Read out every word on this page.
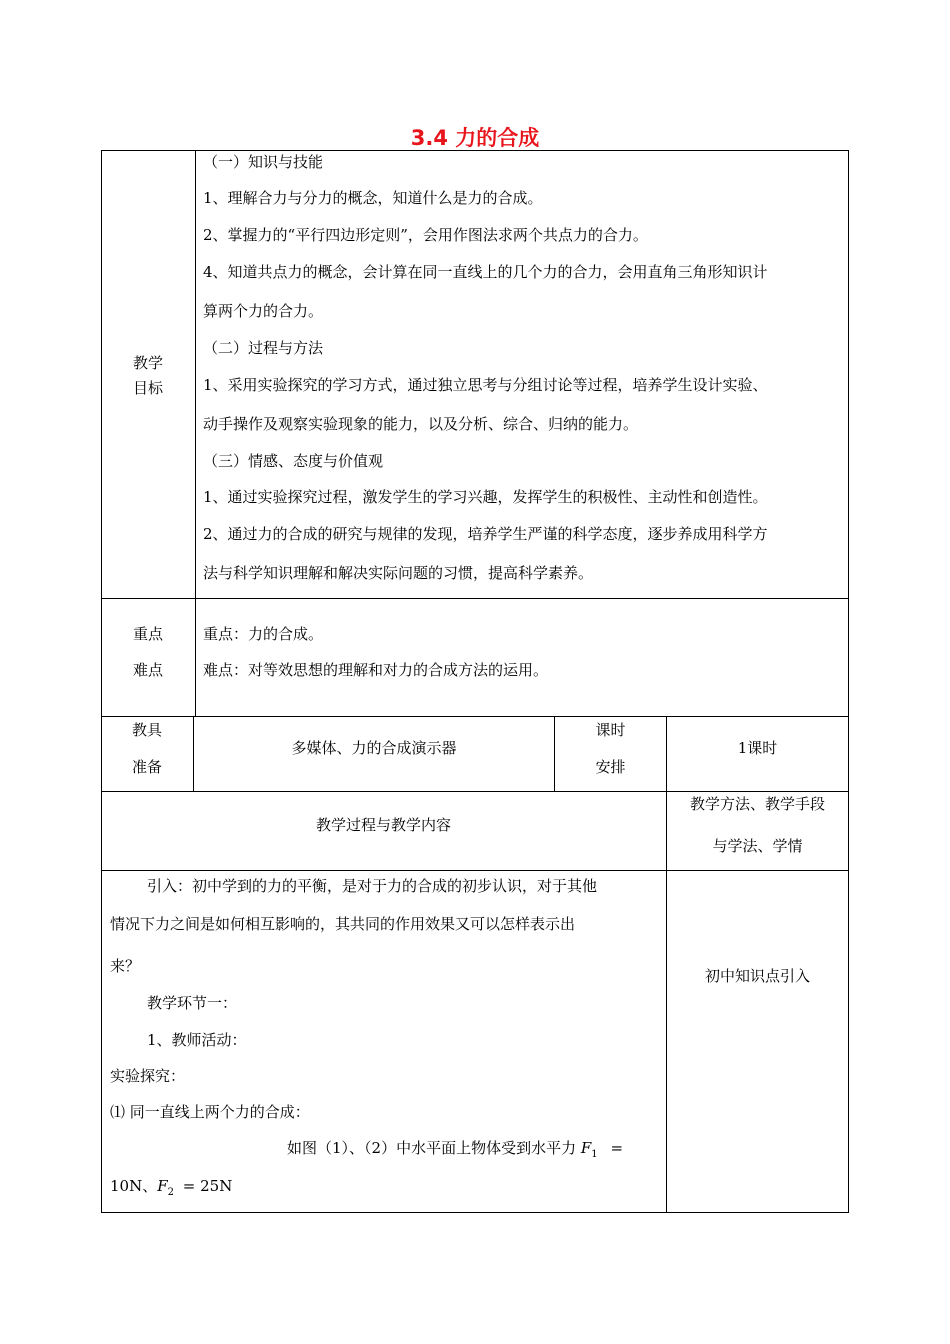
3.4 力的合成
教学
目标
（一）知识与技能
1、理解合力与分力的概念，知道什么是力的合成。
2、掌握力的“平行四边形定则”，会用作图法求两个共点力的合力。
4、知道共点力的概念，会计算在同一直线上的几个力的合力，会用直角三角形知识计
算两个力的合力。
（二）过程与方法
1、采用实验探究的学习方式，通过独立思考与分组讨论等过程，培养学生设计实验、
动手操作及观察实验现象的能力，以及分析、综合、归纳的能力。
（三）情感、态度与价值观
1、通过实验探究过程，激发学生的学习兴趣，发挥学生的积极性、主动性和创造性。
2、通过力的合成的研究与规律的发现，培养学生严谨的科学态度，逐步养成用科学方
法与科学知识理解和解决实际问题的习惯，提高科学素养。
重点
难点
重点：力的合成。
难点：对等效思想的理解和对力的合成方法的运用。
教具
准备
多媒体、力的合成演示器
课时
安排
1课时
教学过程与教学内容
教学方法、教学手段
与学法、学情
引入：初中学到的力的平衡，是对于力的合成的初步认识，对于其他
情况下力之间是如何相互影响的，其共同的作用效果又可以怎样表示出
来？
教学环节一：
1、教师活动：
实验探究：
⑴ 同一直线上两个力的合成：
如图（1）、（2）中水平面上物体受到水平力 $F_1$ =
10N、$F_2 = 25N$
初中知识点引入
